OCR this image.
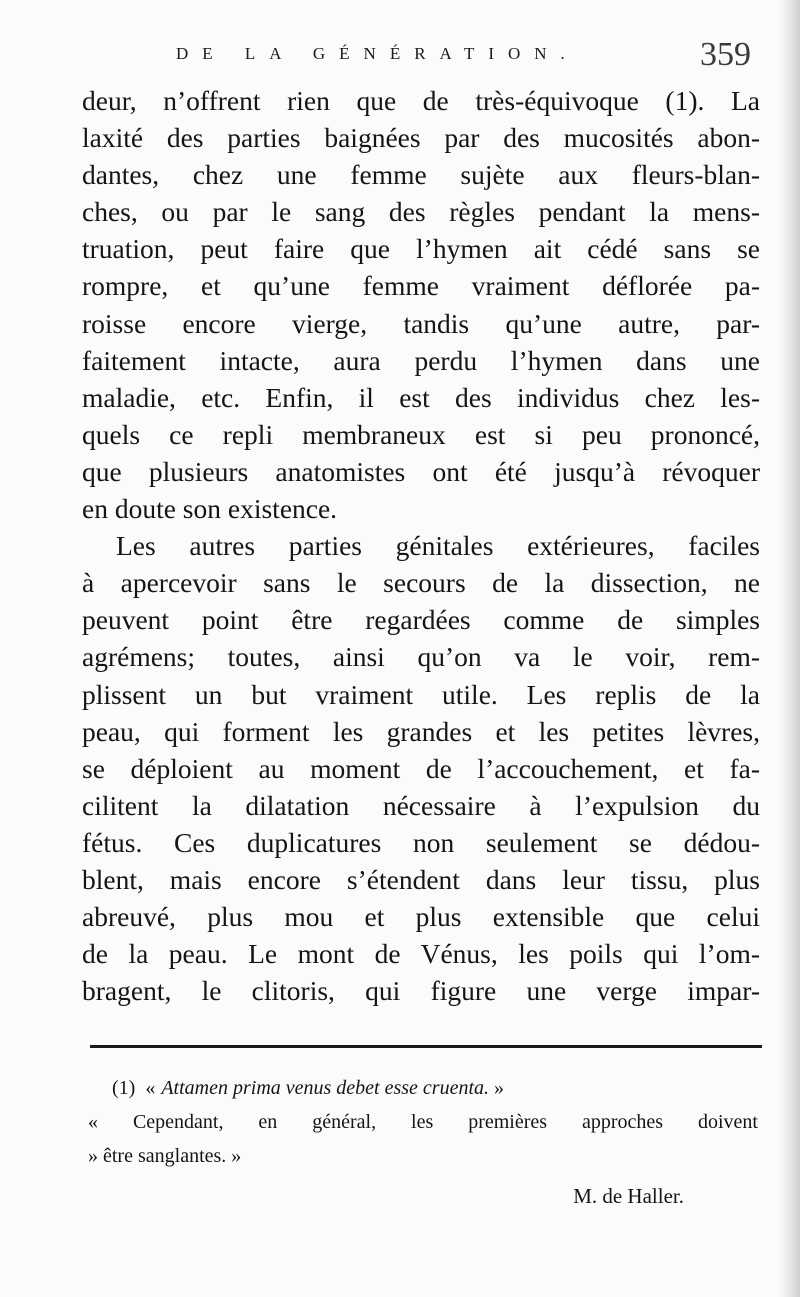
DE LA GÉNÉRATION.	359
deur, n’offrent rien que de très-équivoque (1). La
laxité des parties baignées par des mucosités abon-
dantes, chez une femme sujète aux fleurs-blan-
ches, ou par le sang des règles pendant la mens-
truation, peut faire que l’hymen ait cédé sans se
rompre, et qu’une femme vraiment déflorée pa-
roisse encore vierge, tandis qu’une autre, par-
faitement intacte, aura perdu l’hymen dans une
maladie, etc. Enfin, il est des individus chez les-
quels ce repli membraneux est si peu prononcé,
que plusieurs anatomistes ont été jusqu’à révoquer
en doute son existence.
Les autres parties génitales extérieures, faciles
à apercevoir sans le secours de la dissection, ne
peuvent point être regardées comme de simples
agrémens; toutes, ainsi qu’on va le voir, rem-
plissent un but vraiment utile. Les replis de la
peau, qui forment les grandes et les petites lèvres,
se déploient au moment de l’accouchement, et fa-
cilitent la dilatation nécessaire à l’expulsion du
fétus. Ces duplicatures non seulement se dédou-
blent, mais encore s’étendent dans leur tissu, plus
abreuvé, plus mou et plus extensible que celui
de la peau. Le mont de Vénus, les poils qui l’om-
bragent, le clitoris, qui figure une verge impar-
(1) « Attamen prima venus debet esse cruenta. »
« Cependant, en général, les premières approches doivent
» être sanglantes. »
M. de Haller.
